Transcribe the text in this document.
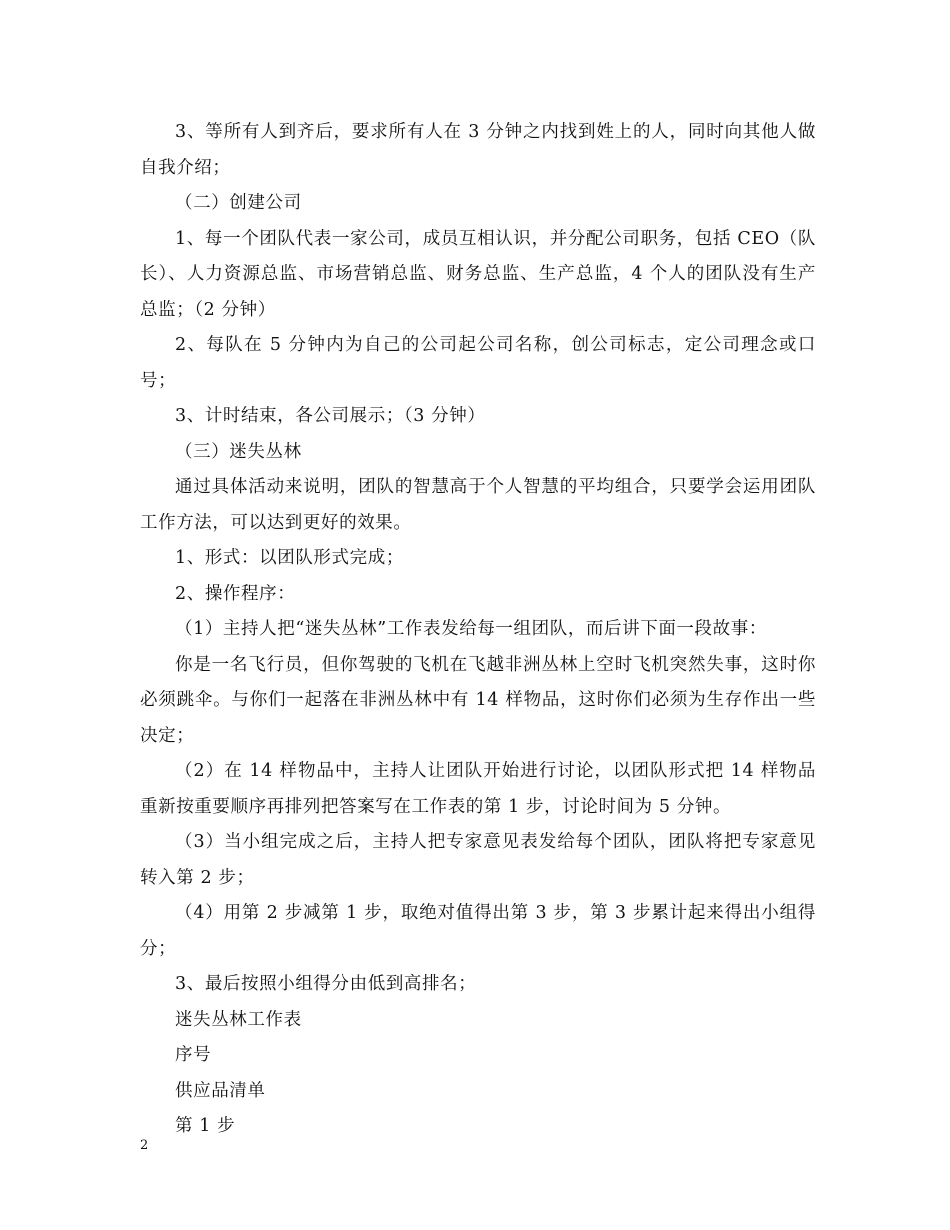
3、等所有人到齐后，要求所有人在 3 分钟之内找到姓上的人，同时向其他人做自我介绍；

（二）创建公司

1、每一个团队代表一家公司，成员互相认识，并分配公司职务，包括 CEO（队长）、人力资源总监、市场营销总监、财务总监、生产总监，4 个人的团队没有生产总监；（2 分钟）

2、每队在 5 分钟内为自己的公司起公司名称，创公司标志，定公司理念或口号；

3、计时结束，各公司展示；（3 分钟）

（三）迷失丛林

通过具体活动来说明，团队的智慧高于个人智慧的平均组合，只要学会运用团队工作方法，可以达到更好的效果。

1、形式：以团队形式完成；

2、操作程序：

（1）主持人把“迷失丛林”工作表发给每一组团队，而后讲下面一段故事：

你是一名飞行员，但你驾驶的飞机在飞越非洲丛林上空时飞机突然失事，这时你必须跳伞。与你们一起落在非洲丛林中有 14 样物品，这时你们必须为生存作出一些决定；

（2）在 14 样物品中，主持人让团队开始进行讨论，以团队形式把 14 样物品重新按重要顺序再排列把答案写在工作表的第 1 步，讨论时间为 5 分钟。

（3）当小组完成之后，主持人把专家意见表发给每个团队，团队将把专家意见转入第 2 步；

（4）用第 2 步减第 1 步，取绝对值得出第 3 步，第 3 步累计起来得出小组得分；

3、最后按照小组得分由低到高排名；

迷失丛林工作表

序号

供应品清单

第 1 步

2
